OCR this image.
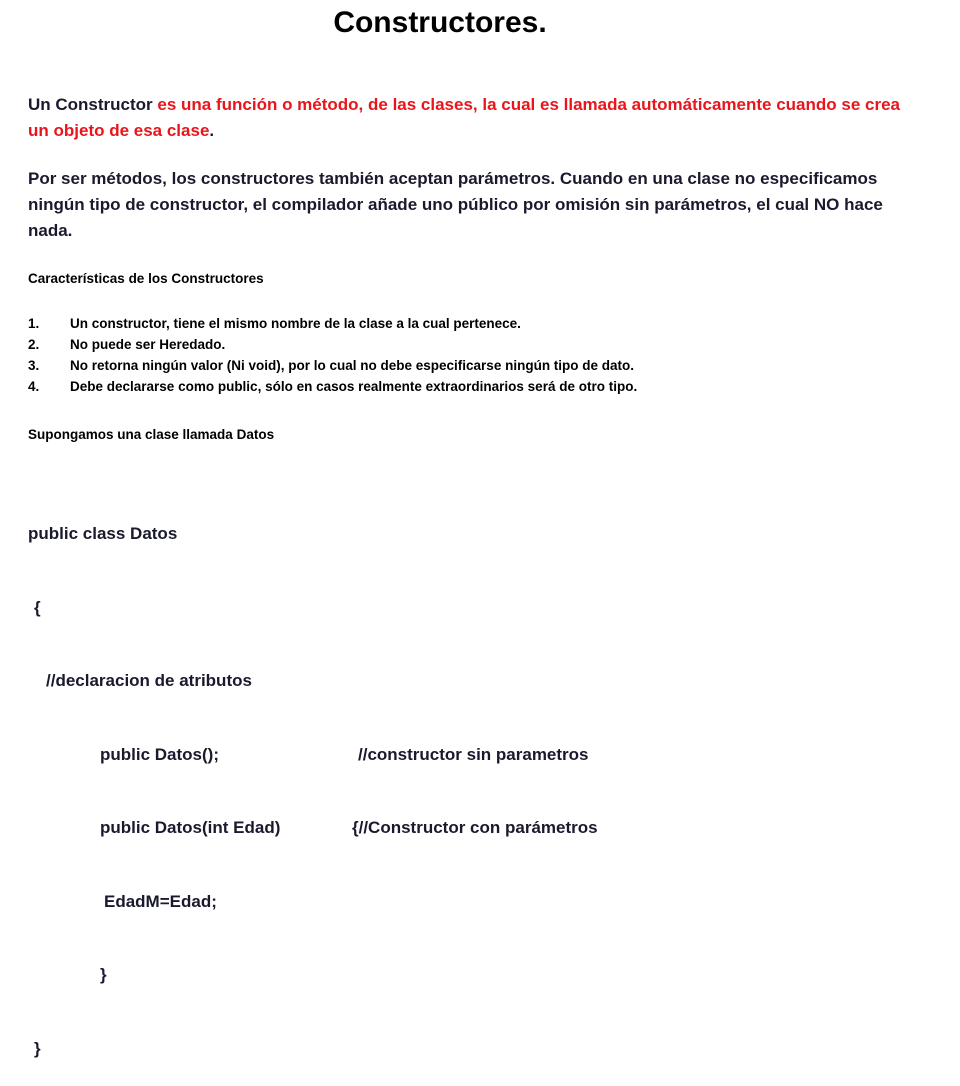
Constructores.
Un Constructor es una función o método, de las clases, la cual es llamada automáticamente cuando se crea un objeto de esa clase.
Por ser métodos, los constructores también aceptan parámetros. Cuando en una clase no especificamos ningún tipo de constructor, el compilador añade uno público por omisión sin parámetros, el cual NO hace nada.
Características de los Constructores
1. Un constructor, tiene el mismo nombre de la clase a la cual pertenece.
2. No puede ser Heredado.
3. No retorna ningún valor (Ni void), por lo cual no debe especificarse ningún tipo de dato.
4. Debe declararse como public, sólo en casos realmente extraordinarios será de otro tipo.
Supongamos una clase llamada Datos

public class Datos

{

//declaracion de atributos

public Datos();	//constructor sin parametros

public Datos(int Edad)	{//Constructor con parámetros

EdadM=Edad;

}

}
